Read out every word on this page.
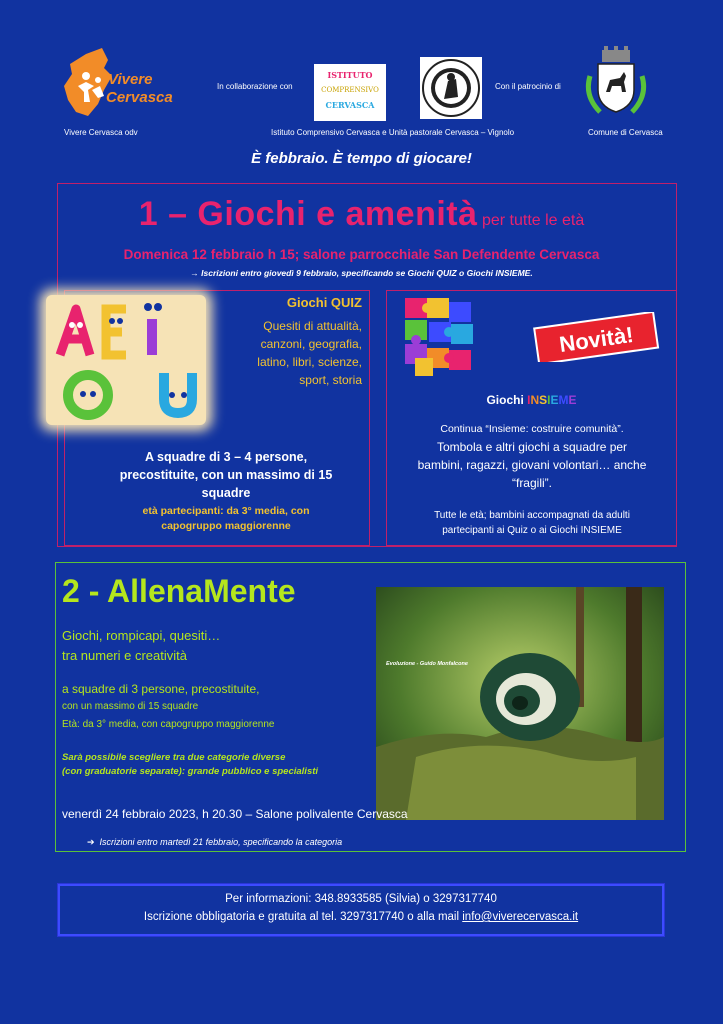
Vivere
Cervasca
Vivere Cervasca odv
In collaborazione con
ISTITUTO
COMPRENSIVO
CERVASCA
Con il patrocinio di
Istituto Comprensivo Cervasca e Unità pastorale Cervasca – Vignolo	Comune di Cervasca
È febbraio. È tempo di giocare!
1 – Giochi e amenità per tutte le età
Domenica 12 febbraio h 15; salone parrocchiale San Defendente Cervasca
→ Iscrizioni entro giovedì 9 febbraio, specificando se Giochi QUIZ o Giochi INSIEME.
Giochi QUIZ
Quesiti di attualità,
canzoni, geografia,
latino, libri, scienze,
sport, storia
A squadre di 3 – 4 persone,
precostituite, con un massimo di 15
squadre
età partecipanti: da 3° media, con
capogruppo maggiorenne
Novità!
Giochi INSIEME
Continua “Insieme: costruire comunità”.
Tombola e altri giochi a squadre per
bambini, ragazzi, giovani volontari… anche
“fragili”.
Tutte le età; bambini accompagnati da adulti
partecipanti ai Quiz o ai Giochi INSIEME
2 - AllenaMente
Giochi, rompicapi, quesiti…
tra numeri e creatività
a squadre di 3 persone, precostituite,
con un massimo di 15 squadre
Età: da 3° media, con capogruppo maggiorenne
Sarà possibile scegliere tra due categorie diverse
(con graduatorie separate): grande pubblico e specialisti
Evoluzione - Guido Monfalcone
venerdì 24 febbraio 2023, h 20.30 – Salone polivalente Cervasca
➔  Iscrizioni entro martedì 21 febbraio, specificando la categoria
Per informazioni: 348.8933585 (Silvia) o 3297317740
Iscrizione obbligatoria e gratuita al tel. 3297317740 o alla mail info@viverecervasca.it
